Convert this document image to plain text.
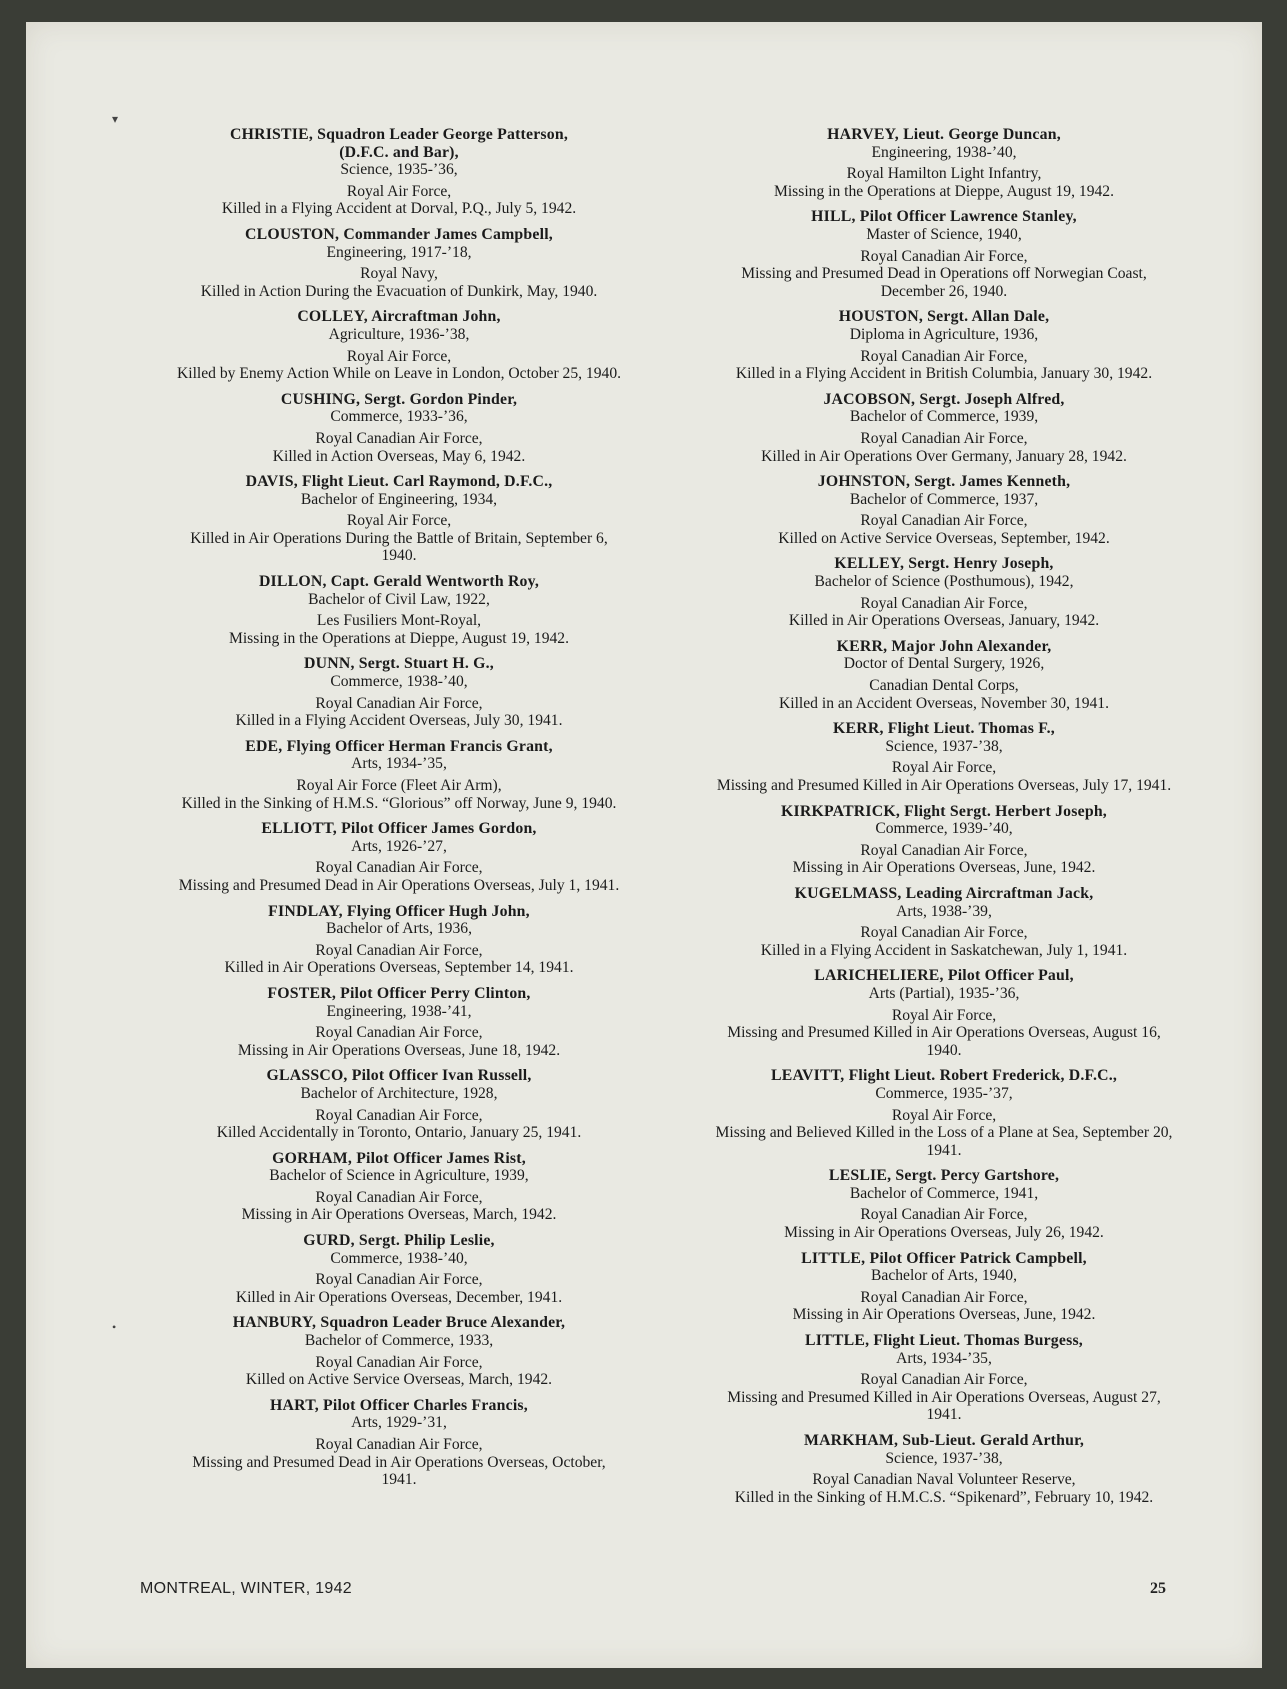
▾
•
CHRISTIE, Squadron Leader George Patterson,
(D.F.C. and Bar),
Science, 1935-’36,
Royal Air Force,
Killed in a Flying Accident at Dorval, P.Q., July 5, 1942.
CLOUSTON, Commander James Campbell,
Engineering, 1917-’18,
Royal Navy,
Killed in Action During the Evacuation of Dunkirk, May, 1940.
COLLEY, Aircraftman John,
Agriculture, 1936-’38,
Royal Air Force,
Killed by Enemy Action While on Leave in London, October 25, 1940.
CUSHING, Sergt. Gordon Pinder,
Commerce, 1933-’36,
Royal Canadian Air Force,
Killed in Action Overseas, May 6, 1942.
DAVIS, Flight Lieut. Carl Raymond, D.F.C.,
Bachelor of Engineering, 1934,
Royal Air Force,
Killed in Air Operations During the Battle of Britain, September 6, 1940.
DILLON, Capt. Gerald Wentworth Roy,
Bachelor of Civil Law, 1922,
Les Fusiliers Mont-Royal,
Missing in the Operations at Dieppe, August 19, 1942.
DUNN, Sergt. Stuart H. G.,
Commerce, 1938-’40,
Royal Canadian Air Force,
Killed in a Flying Accident Overseas, July 30, 1941.
EDE, Flying Officer Herman Francis Grant,
Arts, 1934-’35,
Royal Air Force (Fleet Air Arm),
Killed in the Sinking of H.M.S. “Glorious” off Norway, June 9, 1940.
ELLIOTT, Pilot Officer James Gordon,
Arts, 1926-’27,
Royal Canadian Air Force,
Missing and Presumed Dead in Air Operations Overseas, July 1, 1941.
FINDLAY, Flying Officer Hugh John,
Bachelor of Arts, 1936,
Royal Canadian Air Force,
Killed in Air Operations Overseas, September 14, 1941.
FOSTER, Pilot Officer Perry Clinton,
Engineering, 1938-’41,
Royal Canadian Air Force,
Missing in Air Operations Overseas, June 18, 1942.
GLASSCO, Pilot Officer Ivan Russell,
Bachelor of Architecture, 1928,
Royal Canadian Air Force,
Killed Accidentally in Toronto, Ontario, January 25, 1941.
GORHAM, Pilot Officer James Rist,
Bachelor of Science in Agriculture, 1939,
Royal Canadian Air Force,
Missing in Air Operations Overseas, March, 1942.
GURD, Sergt. Philip Leslie,
Commerce, 1938-’40,
Royal Canadian Air Force,
Killed in Air Operations Overseas, December, 1941.
HANBURY, Squadron Leader Bruce Alexander,
Bachelor of Commerce, 1933,
Royal Canadian Air Force,
Killed on Active Service Overseas, March, 1942.
HART, Pilot Officer Charles Francis,
Arts, 1929-’31,
Royal Canadian Air Force,
Missing and Presumed Dead in Air Operations Overseas, October, 1941.
HARVEY, Lieut. George Duncan,
Engineering, 1938-’40,
Royal Hamilton Light Infantry,
Missing in the Operations at Dieppe, August 19, 1942.
HILL, Pilot Officer Lawrence Stanley,
Master of Science, 1940,
Royal Canadian Air Force,
Missing and Presumed Dead in Operations off Norwegian Coast, December 26, 1940.
HOUSTON, Sergt. Allan Dale,
Diploma in Agriculture, 1936,
Royal Canadian Air Force,
Killed in a Flying Accident in British Columbia, January 30, 1942.
JACOBSON, Sergt. Joseph Alfred,
Bachelor of Commerce, 1939,
Royal Canadian Air Force,
Killed in Air Operations Over Germany, January 28, 1942.
JOHNSTON, Sergt. James Kenneth,
Bachelor of Commerce, 1937,
Royal Canadian Air Force,
Killed on Active Service Overseas, September, 1942.
KELLEY, Sergt. Henry Joseph,
Bachelor of Science (Posthumous), 1942,
Royal Canadian Air Force,
Killed in Air Operations Overseas, January, 1942.
KERR, Major John Alexander,
Doctor of Dental Surgery, 1926,
Canadian Dental Corps,
Killed in an Accident Overseas, November 30, 1941.
KERR, Flight Lieut. Thomas F.,
Science, 1937-’38,
Royal Air Force,
Missing and Presumed Killed in Air Operations Overseas, July 17, 1941.
KIRKPATRICK, Flight Sergt. Herbert Joseph,
Commerce, 1939-’40,
Royal Canadian Air Force,
Missing in Air Operations Overseas, June, 1942.
KUGELMASS, Leading Aircraftman Jack,
Arts, 1938-’39,
Royal Canadian Air Force,
Killed in a Flying Accident in Saskatchewan, July 1, 1941.
LARICHELIERE, Pilot Officer Paul,
Arts (Partial), 1935-’36,
Royal Air Force,
Missing and Presumed Killed in Air Operations Overseas, August 16, 1940.
LEAVITT, Flight Lieut. Robert Frederick, D.F.C.,
Commerce, 1935-’37,
Royal Air Force,
Missing and Believed Killed in the Loss of a Plane at Sea, September 20, 1941.
LESLIE, Sergt. Percy Gartshore,
Bachelor of Commerce, 1941,
Royal Canadian Air Force,
Missing in Air Operations Overseas, July 26, 1942.
LITTLE, Pilot Officer Patrick Campbell,
Bachelor of Arts, 1940,
Royal Canadian Air Force,
Missing in Air Operations Overseas, June, 1942.
LITTLE, Flight Lieut. Thomas Burgess,
Arts, 1934-’35,
Royal Canadian Air Force,
Missing and Presumed Killed in Air Operations Overseas, August 27, 1941.
MARKHAM, Sub-Lieut. Gerald Arthur,
Science, 1937-’38,
Royal Canadian Naval Volunteer Reserve,
Killed in the Sinking of H.M.C.S. “Spikenard”, February 10, 1942.
MONTREAL, WINTER, 1942	25
